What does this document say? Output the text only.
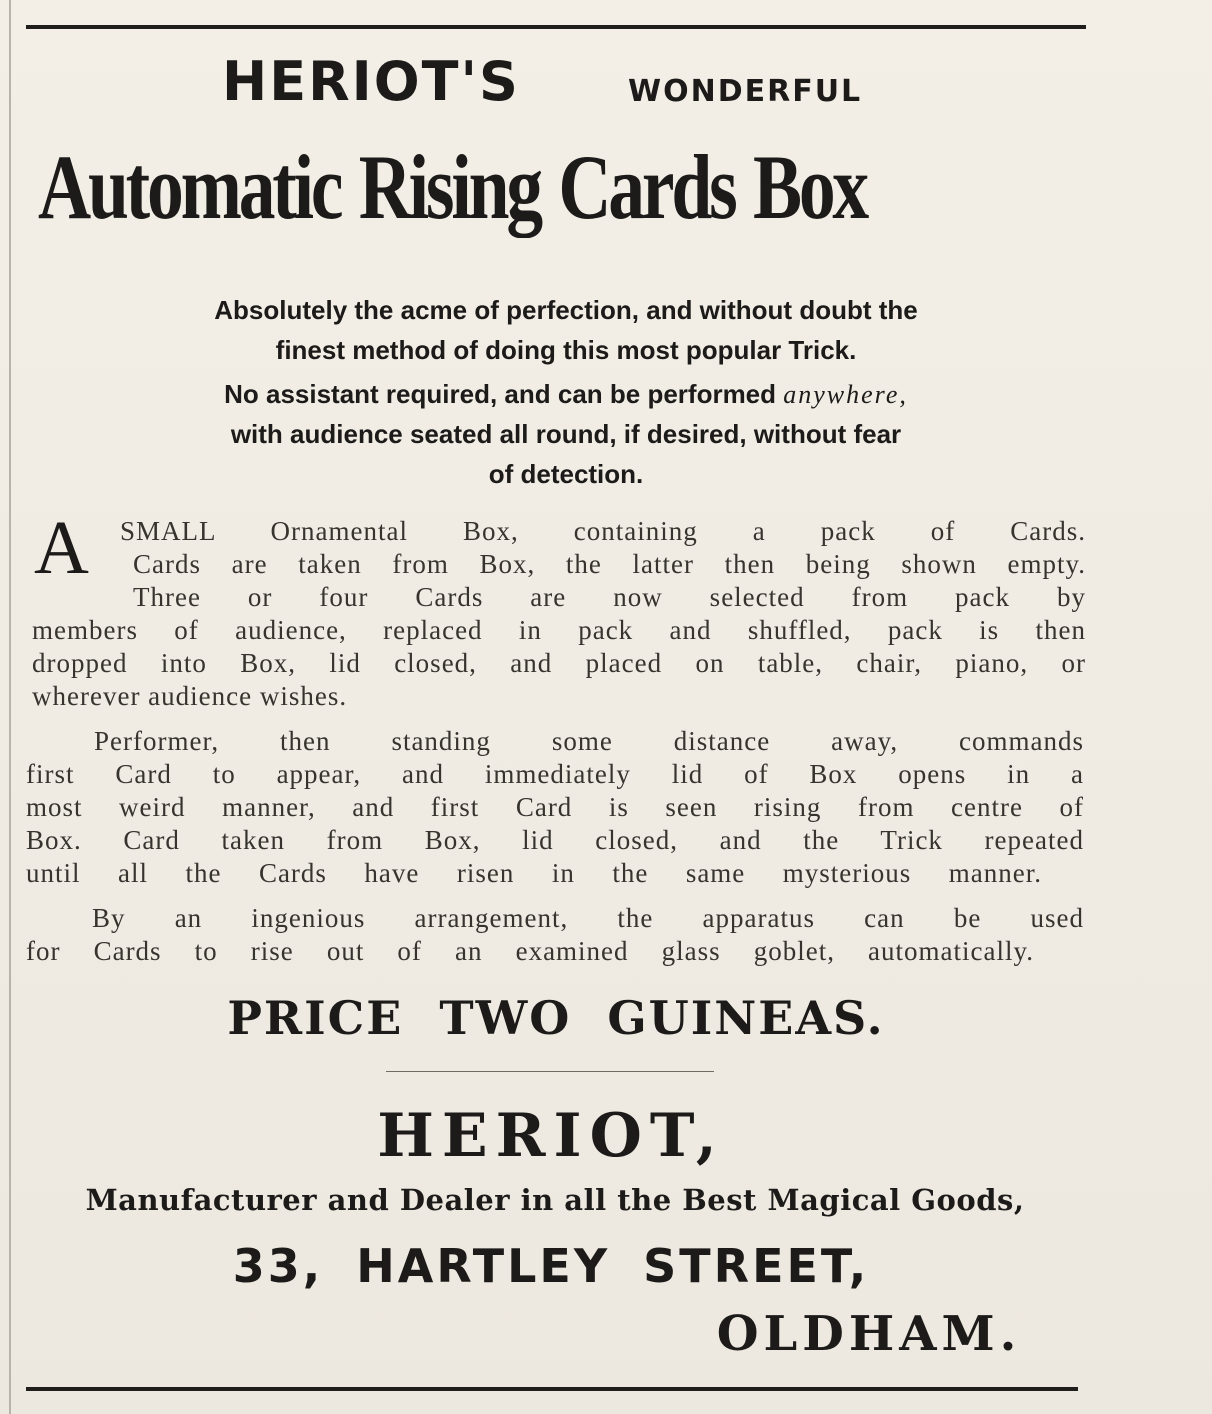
HERIOT'S	WONDERFUL
Automatic Rising Cards Box
Absolutely the acme of perfection, and without doubt the
finest method of doing this most popular Trick.
No assistant required, and can be performed anywhere,
with audience seated all round, if desired, without fear
of detection.
A SMALL Ornamental Box, containing a pack of Cards.
Cards are taken from Box, the latter then being shown empty.
Three or four Cards are now selected from pack by
members of audience, replaced in pack and shuffled, pack is then
dropped into Box, lid closed, and placed on table, chair, piano, or
wherever audience wishes.
Performer, then standing some distance away, commands
first Card to appear, and immediately lid of Box opens in a
most weird manner, and first Card is seen rising from centre of
Box. Card taken from Box, lid closed, and the Trick repeated
until all the Cards have risen in the same mysterious manner.
By an ingenious arrangement, the apparatus can be used
for Cards to rise out of an examined glass goblet, automatically.
PRICE TWO GUINEAS.
HERIOT,
Manufacturer and Dealer in all the Best Magical Goods,
33, HARTLEY STREET,
OLDHAM.
